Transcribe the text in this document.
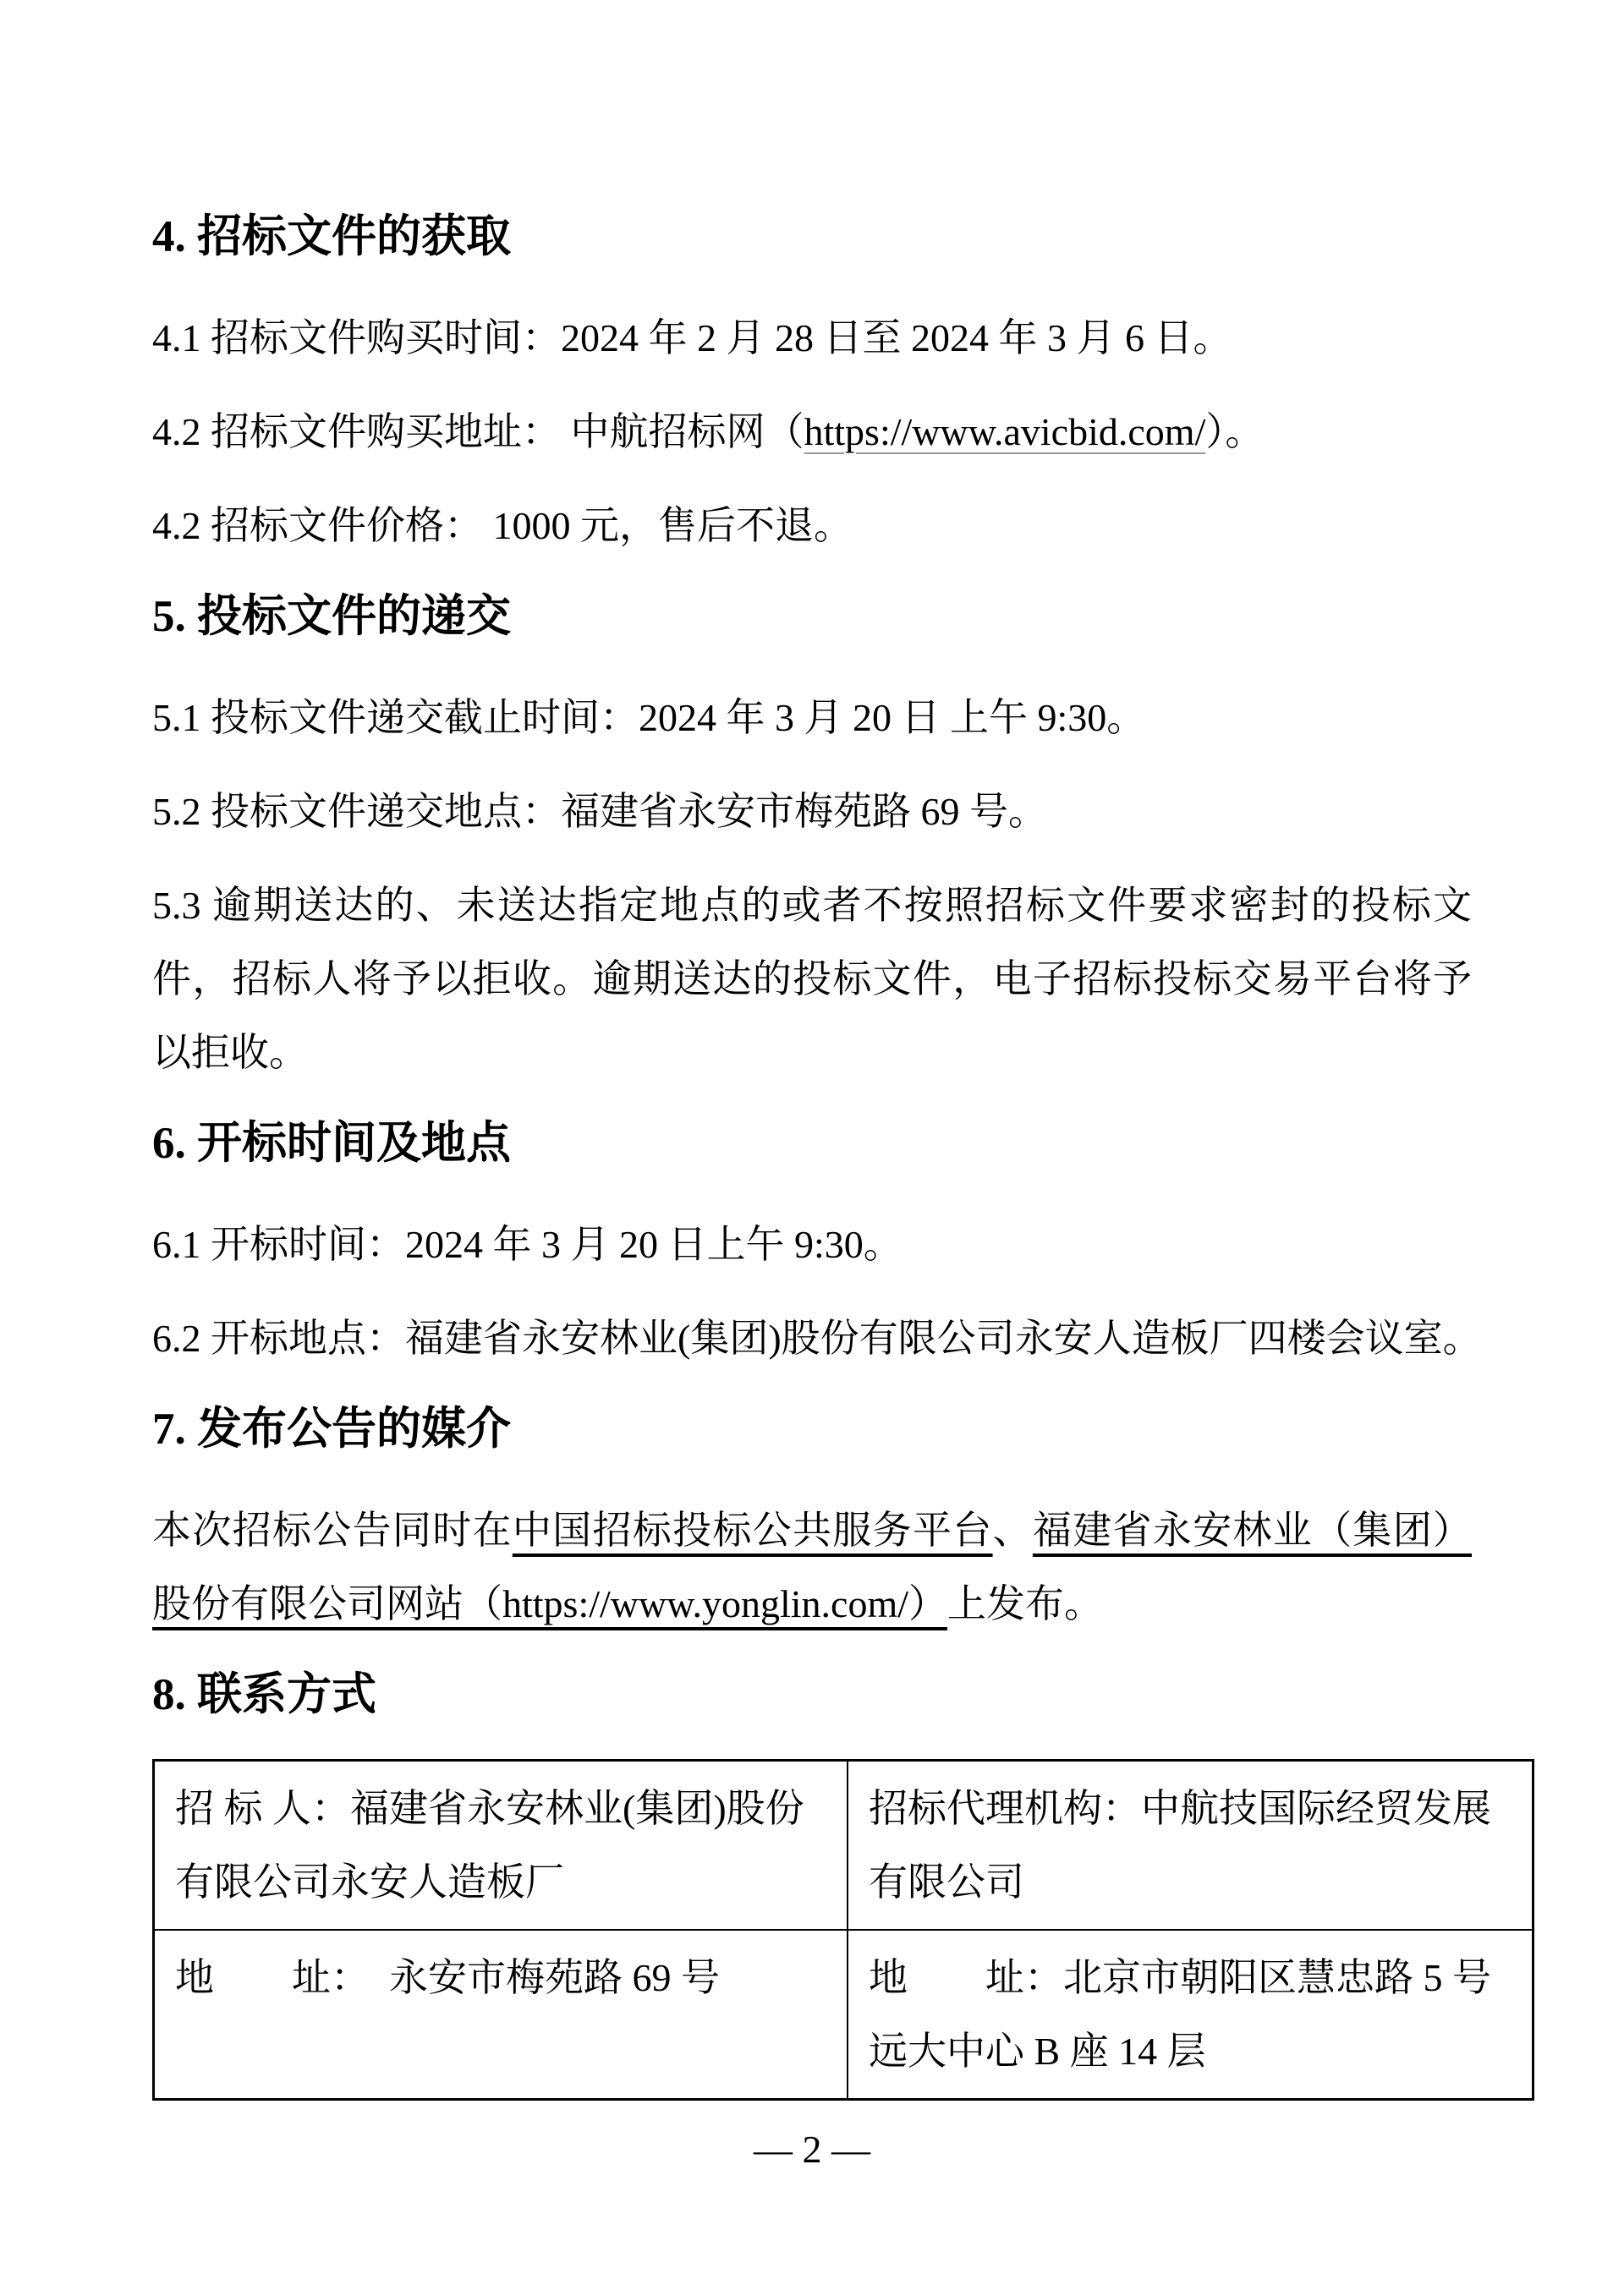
4. 招标文件的获取

4.1 招标文件购买时间：2024 年 2 月 28 日至 2024 年 3 月 6 日。

4.2 招标文件购买地址： 中航招标网（https://www.avicbid.com/）。

4.2 招标文件价格： 1000 元，售后不退。

5. 投标文件的递交

5.1 投标文件递交截止时间：2024 年 3 月 20 日 上午 9:30。

5.2 投标文件递交地点：福建省永安市梅苑路 69 号。

5.3 逾期送达的、未送达指定地点的或者不按照招标文件要求密封的投标文件，招标人将予以拒收。逾期送达的投标文件，电子招标投标交易平台将予以拒收。

6. 开标时间及地点

6.1 开标时间：2024 年 3 月 20 日上午 9:30。

6.2 开标地点：福建省永安林业(集团)股份有限公司永安人造板厂四楼会议室。

7. 发布公告的媒介

本次招标公告同时在中国招标投标公共服务平台、福建省永安林业（集团）股份有限公司网站（https://www.yonglin.com/）上发布。

8. 联系方式
招 标 人：福建省永安林业(集团)股份有限公司永安人造板厂	招标代理机构：中航技国际经贸发展有限公司
地　　址：　永安市梅苑路 69 号	地　　址：北京市朝阳区慧忠路 5 号远大中心 B 座 14 层
— 2 —
